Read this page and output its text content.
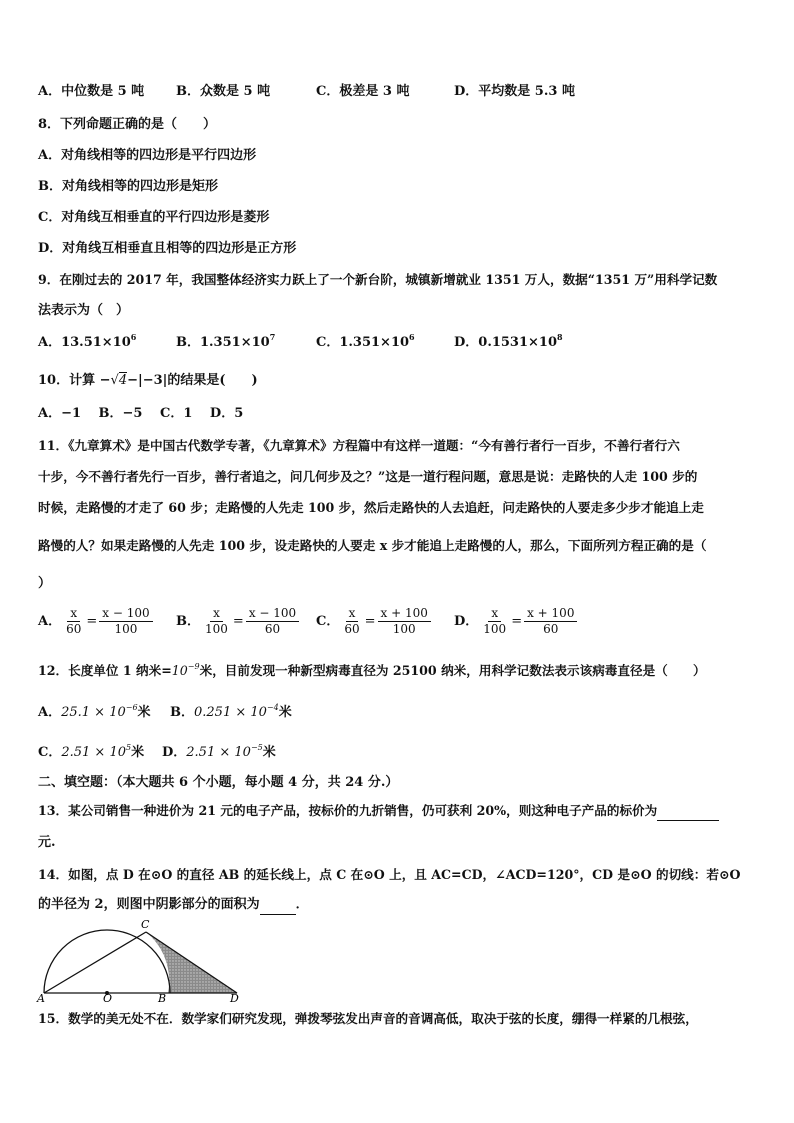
A．中位数是 5 吨 B．众数是 5 吨	C．极差是 3 吨	D．平均数是 5.3 吨
8．下列命题正确的是（　　）
A．对角线相等的四边形是平行四边形
B．对角线相等的四边形是矩形
C．对角线互相垂直的平行四边形是菱形
D．对角线互相垂直且相等的四边形是正方形
9．在刚过去的 2017 年，我国整体经济实力跃上了一个新台阶，城镇新增就业 1351 万人，数据“1351 万”用科学记数
法表示为（　）
A．$13.51\times 10^6$	B．$1.351\times 10^7$	C．$1.351\times 10^6$	D．$0.1531\times 10^8$
10．计算 −√4−|−3|的结果是(　　)
A．−1　 B．−5　 C．1　 D．5
11．《九章算术》是中国古代数学专著，《九章算术》方程篇中有这样一道题：“今有善行者行一百步，不善行者行六
十步，今不善行者先行一百步，善行者追之，问几何步及之？”这是一道行程问题，意思是说：走路快的人走 100 步的
时候，走路慢的才走了 60 步；走路慢的人先走 100 步，然后走路快的人去追赶，问走路快的人要走多少步才能追上走
路慢的人？如果走路慢的人先走 100 步，设走路快的人要走 x 步才能追上走路慢的人，那么，下面所列方程正确的是（
）
A． $\frac{x}{60} = \frac{x - 100}{100}$ B． $\frac{x}{100} = \frac{x - 100}{60}$ C． $\frac{x}{60} = \frac{x + 100}{100}$ D． $\frac{x}{100} = \frac{x + 100}{60}$
12．长度单位 1 纳米$=10^{-9}$米，目前发现一种新型病毒直径为 25100 纳米，用科学记数法表示该病毒直径是（　　）
A．$25.1 \times 10^{-6}$米 B．$0.251 \times 10^{-4}$米
C．$2.51 \times 10^5$米 D．$2.51 \times 10^{-5}$米
二、填空题：（本大题共 6 个小题，每小题 4 分，共 24 分.）
13．某公司销售一种进价为 21 元的电子产品，按标价的九折销售，仍可获利 20%，则这种电子产品的标价为
元.
14．如图，点 D 在⊙O 的直径 AB 的延长线上，点 C 在⊙O 上，且 AC=CD，∠ACD=120°，CD 是⊙O 的切线：若⊙O
的半径为 2，则图中阴影部分的面积为	．
A	O	B	D
C
15．数学的美无处不在．数学家们研究发现，弹拨琴弦发出声音的音调高低，取决于弦的长度，绷得一样紧的几根弦，
